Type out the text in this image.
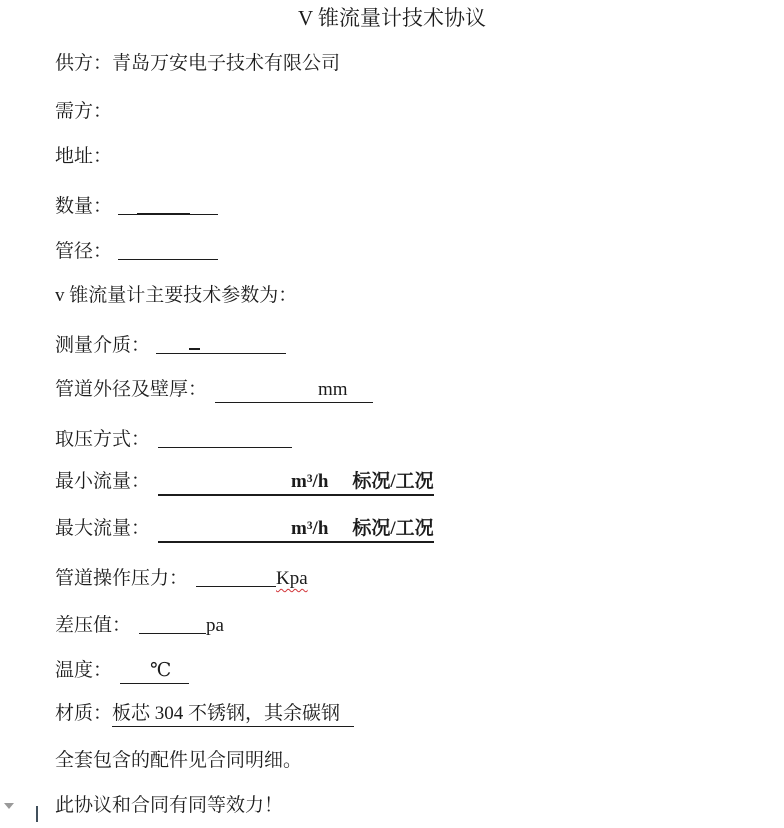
V 锥流量计技术协议
供方：青岛万安电子技术有限公司
需方：
地址：
数量：
管径：
v 锥流量计主要技术参数为：
测量介质：
管道外径及壁厚：	mm
取压方式：
最小流量：	m³/h 标况/工况
最大流量：	m³/h 标况/工况
管道操作压力：	Kpa
差压值：	pa
温度： ℃
材质：板芯 304 不锈钢，其余碳钢
全套包含的配件见合同明细。
此协议和合同有同等效力！
